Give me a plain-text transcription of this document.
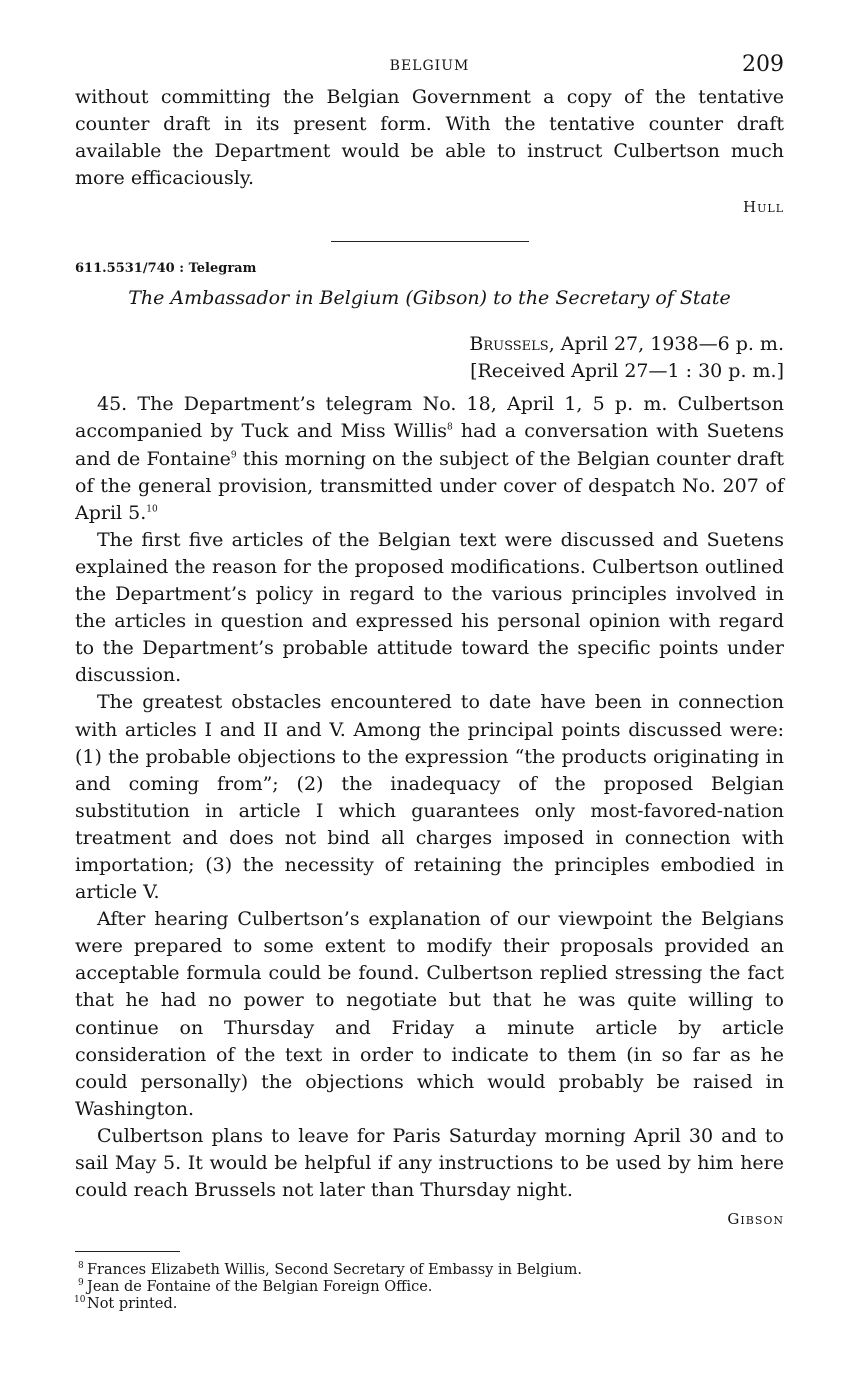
BELGIUM	209

without committing the Belgian Government a copy of the tentative counter draft in its present form. With the tentative counter draft available the Department would be able to instruct Culbertson much more efficaciously.

Hull
611.5531/740 : Telegram
The Ambassador in Belgium (Gibson) to the Secretary of State
Brussels, April 27, 1938—6 p. m.
[Received April 27—1 : 30 p. m.]

45. The Department’s telegram No. 18, April 1, 5 p. m. Culbertson accompanied by Tuck and Miss Willis$^8$ had a conversation with Suetens and de Fontaine$^9$ this morning on the subject of the Belgian counter draft of the general provision, transmitted under cover of despatch No. 207 of April 5.10

The first five articles of the Belgian text were discussed and Suetens explained the reason for the proposed modifications. Culbertson outlined the Department’s policy in regard to the various principles involved in the articles in question and expressed his personal opinion with regard to the Department’s probable attitude toward the specific points under discussion.

The greatest obstacles encountered to date have been in connection with articles I and II and V. Among the principal points discussed were: (1) the probable objections to the expression “the products originating in and coming from”; (2) the inadequacy of the proposed Belgian substitution in article I which guarantees only most-favored-nation treatment and does not bind all charges imposed in connection with importation; (3) the necessity of retaining the principles embodied in article V.

After hearing Culbertson’s explanation of our viewpoint the Belgians were prepared to some extent to modify their proposals provided an acceptable formula could be found. Culbertson replied stressing the fact that he had no power to negotiate but that he was quite willing to continue on Thursday and Friday a minute article by article consideration of the text in order to indicate to them (in so far as he could personally) the objections which would probably be raised in Washington.

Culbertson plans to leave for Paris Saturday morning April 30 and to sail May 5. It would be helpful if any instructions to be used by him here could reach Brussels not later than Thursday night.

Gibson

8 Frances Elizabeth Willis, Second Secretary of Embassy in Belgium.

9 Jean de Fontaine of the Belgian Foreign Office.

10 Not printed.
